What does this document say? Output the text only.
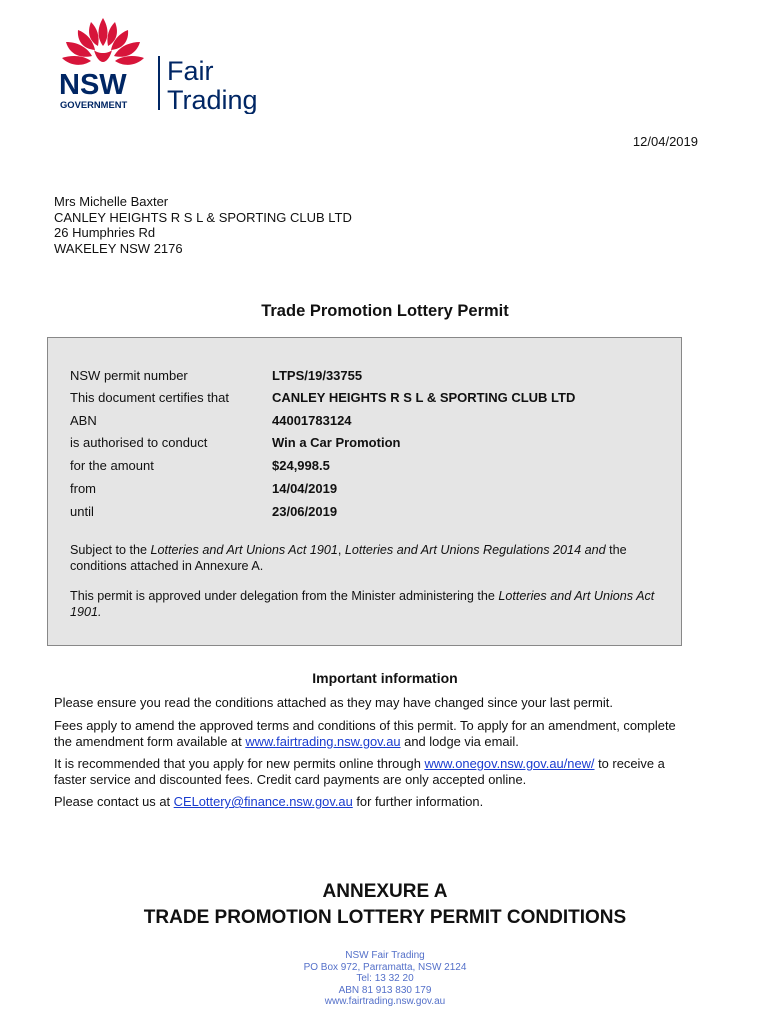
NSW
GOVERNMENT
Fair
Trading
12/04/2019
Mrs Michelle Baxter
CANLEY HEIGHTS R S L & SPORTING CLUB LTD
26 Humphries Rd
WAKELEY NSW 2176
Trade Promotion Lottery Permit
NSW permit number	LTPS/19/33755
This document certifies that	CANLEY HEIGHTS R S L & SPORTING CLUB LTD
ABN	44001783124
is authorised to conduct	Win a Car Promotion
for the amount	$24,998.5
from	14/04/2019
until	23/06/2019
Subject to the Lotteries and Art Unions Act 1901, Lotteries and Art Unions Regulations 2014 and the conditions attached in Annexure A.
This permit is approved under delegation from the Minister administering the Lotteries and Art Unions Act 1901.
Important information
Please ensure you read the conditions attached as they may have changed since your last permit.
Fees apply to amend the approved terms and conditions of this permit. To apply for an amendment, complete the amendment form available at www.fairtrading.nsw.gov.au and lodge via email.
It is recommended that you apply for new permits online through www.onegov.nsw.gov.au/new/ to receive a faster service and discounted fees. Credit card payments are only accepted online.
Please contact us at CELottery@finance.nsw.gov.au for further information.
ANNEXURE A
TRADE PROMOTION LOTTERY PERMIT CONDITIONS
NSW Fair Trading
PO Box 972, Parramatta, NSW 2124
Tel: 13 32 20
ABN 81 913 830 179
www.fairtrading.nsw.gov.au
